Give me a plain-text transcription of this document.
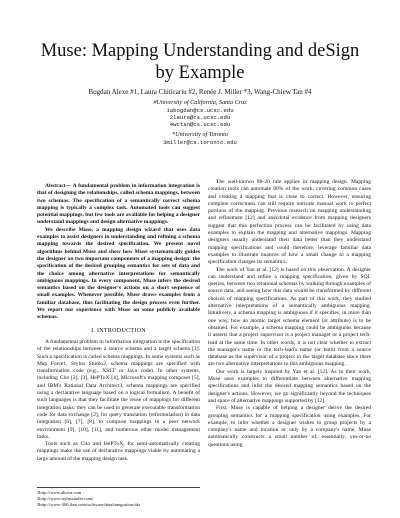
Muse: Mapping Understanding and deSign
by Example
Bogdan Alexe #1, Laura Chiticariu #2, Renée J. Miller *3, Wang-Chiew Tan #4
#University of California, Santa Cruz
1abogdan@cs.ucsc.edu
2laura@cs.ucsc.edu
4wctan@cs.ucsc.edu
*University of Toronto
3miller@cs.toronto.edu

Abstract— A fundamental problem in information integration is that of designing the relationships, called schema mappings, between two schemas. The specification of a semantically correct schema mapping is typically a complex task. Automated tools can suggest potential mappings, but few tools are available for helping a designer understand mappings and design alternative mappings.

We describe Muse, a mapping design wizard that uses data examples to assist designers in understanding and refining a schema mapping towards the desired specification. We present novel algorithms behind Muse and show how Muse systematically guides the designer on two important components of a mapping design: the specification of the desired grouping semantics for sets of data and the choice among alternative interpretations for semantically ambiguous mappings. In every component, Muse infers the desired semantics based on the designer's actions on a short sequence of small examples. Whenever possible, Muse draws examples from a familiar database, thus facilitating the design process even further. We report our experience with Muse on some publicly available schemas.

I. INTRODUCTION

A fundamental problem in information integration is the specification of the relationships between a source schema and a target schema [1]. Such a specification is called schema mappings. In some systems such as Map Force1, Stylus Studio2, schema mappings are specified with transformation code (e.g., XSLT or Java code). In other systems, including Clio [2], [3], HePToX [4], Microsoft's mapping composer [5], and IBM's Rational Data Architect3, schema mappings are specified using a declarative language based on a logical formalism. A benefit of such languages is that they facilitate the reuse of mappings for different integration tasks: they can be used to generate executable transformation code for data exchange [2], for query translation (reformulation) in data integration [6], [7], [8], to compose mappings in a peer network environment [9], [10], [11], and numerous other model management tasks.

Tools such as Clio and HePToX, for semi-automatically creating mappings make the use of declarative mappings viable by automating a large amount of the mapping design task.

1http://www.altova.com
2http://www.stylusstudio.com/
3http://www-306.ibm.com/software/data/integration/rda

The well-known 80-20 rule applies in mapping design. Mapping creation tools can automate 80% of the work, covering common cases and creating a mapping that is close to correct. However, ensuring complete correctness can still require intricate manual work to perfect portions of the mapping. Previous research on mapping understanding and refinement [12] and anecdotal evidence from mapping designers suggest that this perfection process can be facilitated by using data examples to explain the mapping and alternative mappings. Mapping designers usually understand their data better than they understand mapping specifications and could therefore, leverage familiar data examples to illustrate nuances of how a small change to a mapping specification changes its semantics.

The work of Yan et al. [12] is based on this observation. A designer can understand and refine a mapping specification, given by SQL queries, between two relational schemas by walking through examples of source data, and seeing how this data would be transformed by different choices of mapping specifications. As part of this work, they studied alternative interpretations of a semantically ambiguous mapping. Intuitively, a schema mapping is ambiguous if it specifies, in more than one way, how an atomic target schema element (or attribute) is to be obtained. For example, a schema mapping could be ambiguous because it asserts that a project supervisor is a project manager or a project tech-lead at the same time. In other words, it is not clear whether to extract the manager's name or the tech-lead's name (or both) from a source database as the supervisor of a project in the target database since there are two alternative interpretations to this ambiguous mapping.

Our work is largely inspired by Yan et al. [12]. As in their work, Muse uses examples to differentiate between alternative mapping specifications and infer the desired mapping semantics based on the designer's actions. However, we go significantly beyond the techniques and space of alternative mappings supported by [12].

First, Muse is capable of helping a designer derive the desired grouping semantics for a mapping specification using examples. For example, to infer whether a designer wishes to group projects by a company's name and location or only by a company's name, Muse automatically constructs a small number of, essentially, yes-or-no questions using
